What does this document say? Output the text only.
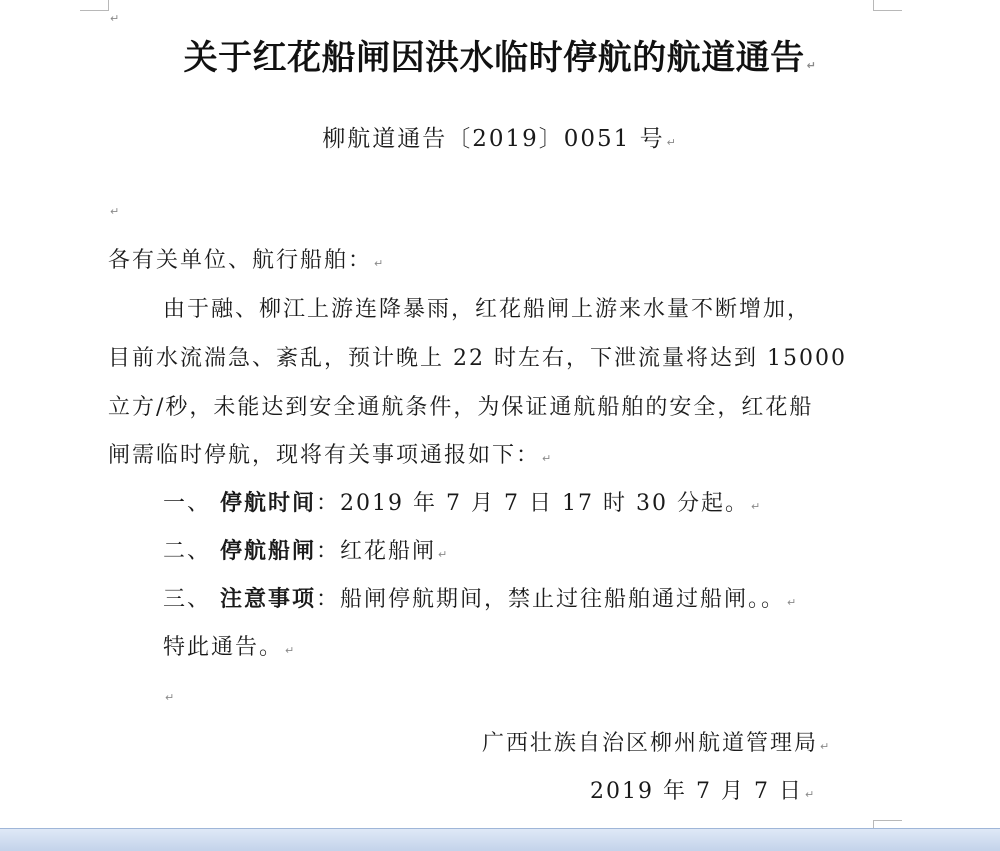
↵
关于红花船闸因洪水临时停航的航道通告 ↵
柳航道通告〔2019〕0051 号 ↵
↵
各有关单位、航行船舶： ↵
由于融、柳江上游连降暴雨，红花船闸上游来水量不断增加，
目前水流湍急、紊乱，预计晚上 22 时左右，下泄流量将达到 15000
立方/秒，未能达到安全通航条件，为保证通航船舶的安全，红花船
闸需临时停航，现将有关事项通报如下： ↵
一、 停航时间：2019 年 7 月 7 日 17 时 30 分起。 ↵
二、 停航船闸：红花船闸 ↵
三、 注意事项：船闸停航期间，禁止过往船舶通过船闸。。 ↵
特此通告。 ↵
↵
广西壮族自治区柳州航道管理局 ↵
2019 年 7 月 7 日 ↵
